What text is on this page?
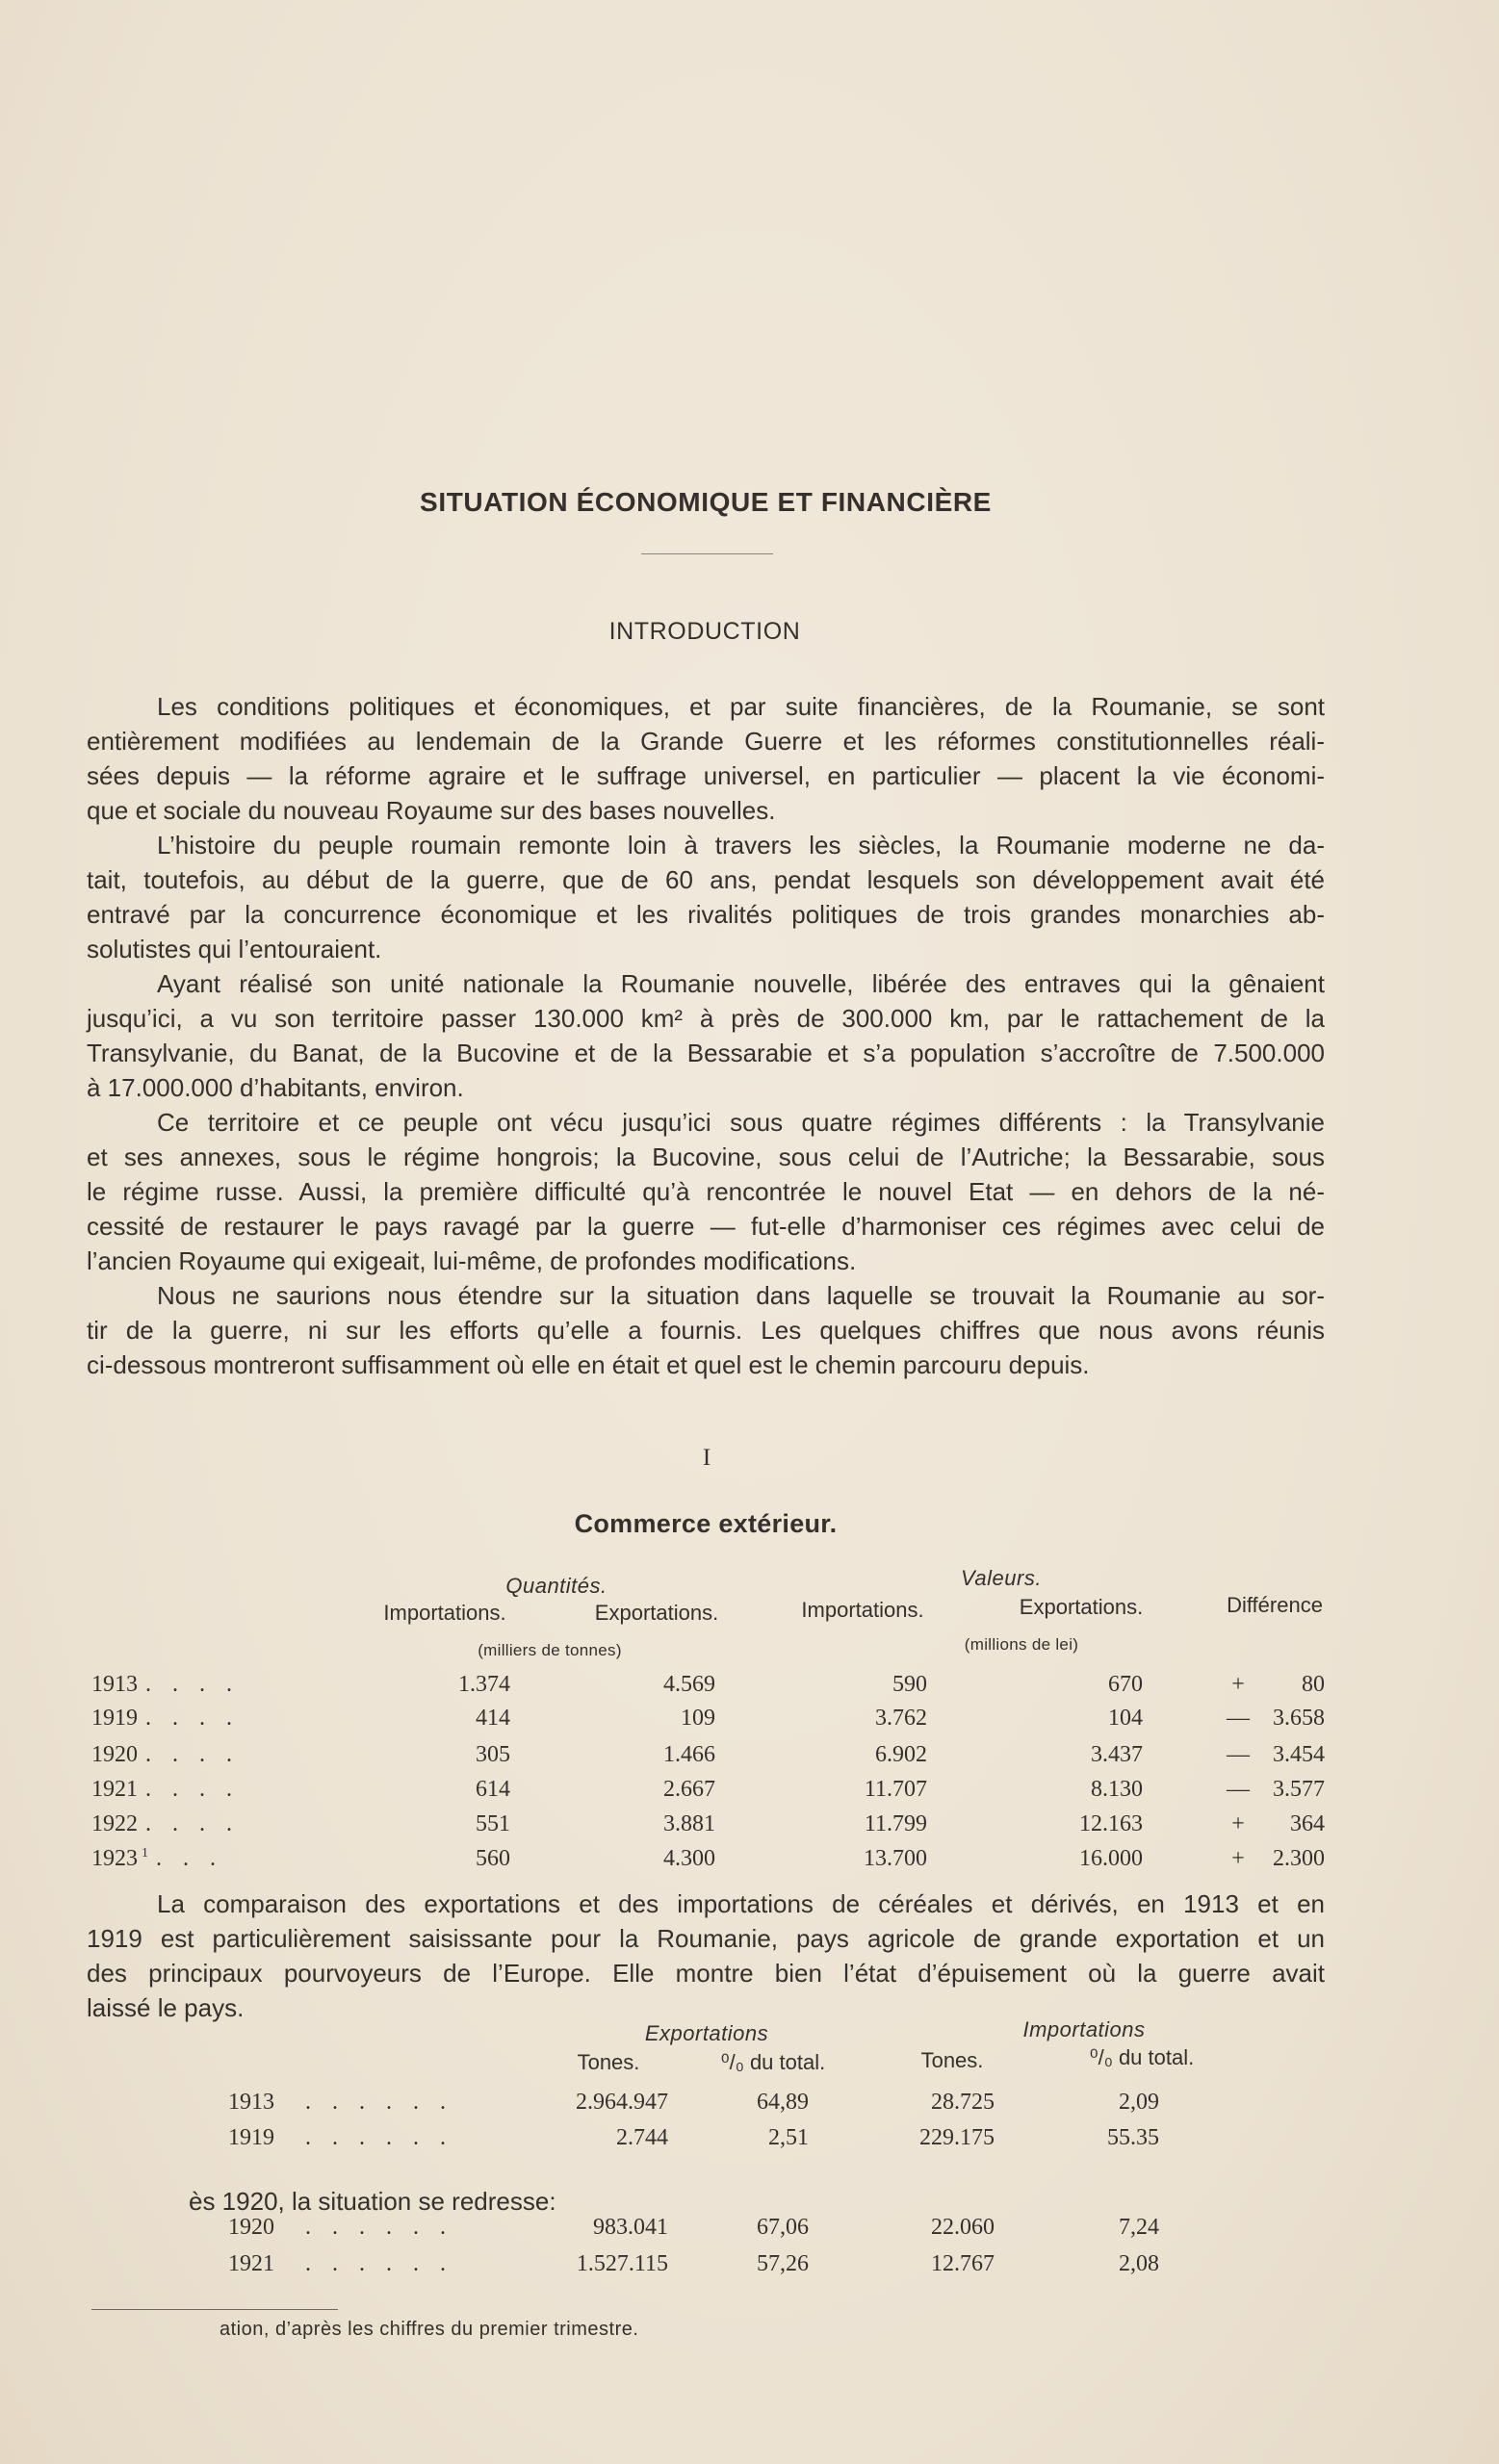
SITUATION ÉCONOMIQUE ET FINANCIÈRE
INTRODUCTION
Les conditions politiques et économiques, et par suite financières, de la Roumanie, se sont
entièrement modifiées au lendemain de la Grande Guerre et les réformes constitutionnelles réali-
sées depuis — la réforme agraire et le suffrage universel, en particulier — placent la vie économi-
que et sociale du nouveau Royaume sur des bases nouvelles.
L’histoire du peuple roumain remonte loin à travers les siècles, la Roumanie moderne ne da-
tait, toutefois, au début de la guerre, que de 60 ans, pendat lesquels son développement avait été
entravé par la concurrence économique et les rivalités politiques de trois grandes monarchies ab-
solutistes qui l’entouraient.
Ayant réalisé son unité nationale la Roumanie nouvelle, libérée des entraves qui la gênaient
jusqu’ici, a vu son territoire passer 130.000 km² à près de 300.000 km, par le rattachement de la
Transylvanie, du Banat, de la Bucovine et de la Bessarabie et s’a population s’accroître de 7.500.000
à 17.000.000 d’habitants, environ.
Ce territoire et ce peuple ont vécu jusqu’ici sous quatre régimes différents : la Transylvanie
et ses annexes, sous le régime hongrois; la Bucovine, sous celui de l’Autriche; la Bessarabie, sous
le régime russe. Aussi, la première difficulté qu’à rencontrée le nouvel Etat — en dehors de la né-
cessité de restaurer le pays ravagé par la guerre — fut-elle d’harmoniser ces régimes avec celui de
l’ancien Royaume qui exigeait, lui-même, de profondes modifications.
Nous ne saurions nous étendre sur la situation dans laquelle se trouvait la Roumanie au sor-
tir de la guerre, ni sur les efforts qu’elle a fournis. Les quelques chiffres que nous avons réunis
ci-dessous montreront suffisamment où elle en était et quel est le chemin parcouru depuis.
I
Commerce extérieur.
Quantités.	Valeurs.
Importations.	Exportations.	Importations.	Exportations.	Différence
(milliers de tonnes)	(millions de lei)
1913 . . . .	1.374	4.569	590	670	+	80
1919 . . . .	414	109	3.762	104	— 3.658
1920 . . . .	305	1.466	6.902	3.437	— 3.454
1921 . . . .	614	2.667	11.707	8.130	— 3.577
1922 . . . .	551	3.881	11.799	12.163	+	364
1923 $^1$ . . .	560	4.300	13.700	16.000	+	2.300
La comparaison des exportations et des importations de céréales et dérivés, en 1913 et en
1919 est particulièrement saisissante pour la Roumanie, pays agricole de grande exportation et un
des principaux pourvoyeurs de l’Europe. Elle montre bien l’état d’épuisement où la guerre avait
laissé le pays.
Exportations	Importations
Tones.	⁰/₀ du total.	Tones.	⁰/₀ du total.
1913 . . . . . .	2.964.947	64,89	28.725	2,09
1919 . . . . . .	2.744	2,51	229.175	55.35
ès 1920, la situation se redresse:
1920 . . . . . .	983.041	67,06	22.060	7,24
1921 . . . . . .	1.527.115	57,26	12.767	2,08
ation, d’après les chiffres du premier trimestre.
